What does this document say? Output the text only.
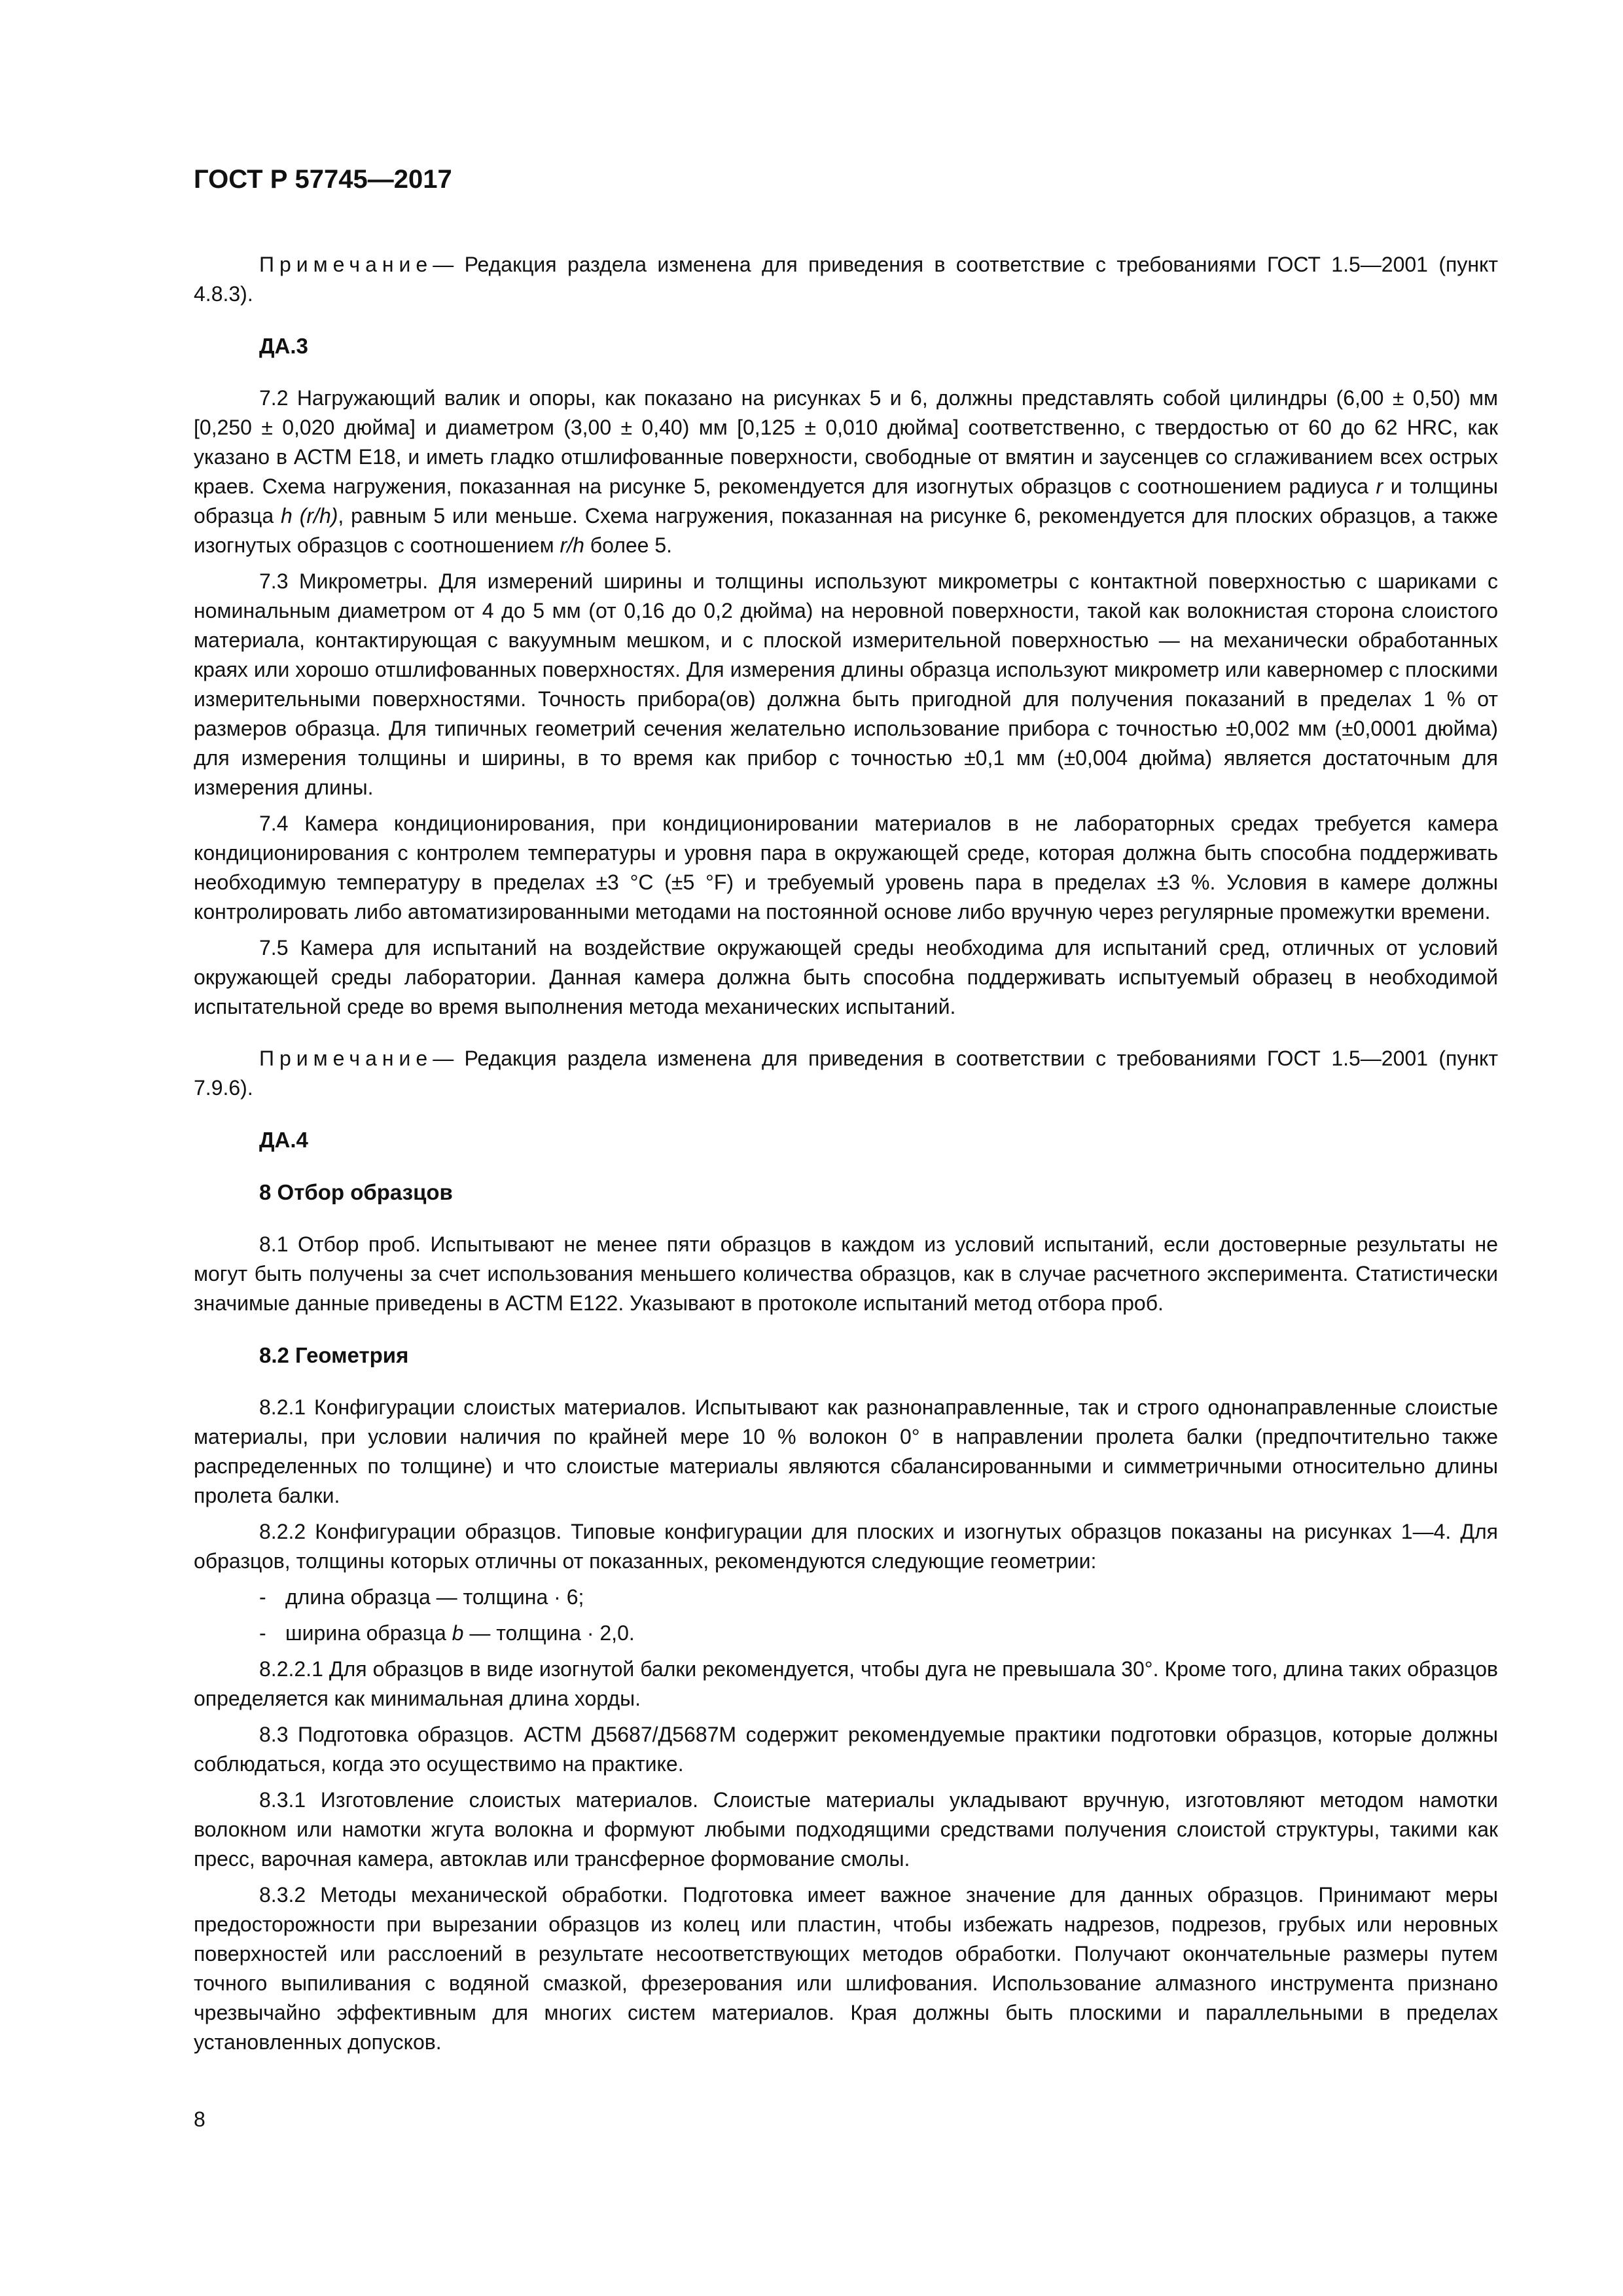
ГОСТ Р 57745—2017

Примечание— Редакция раздела изменена для приведения в соответствие с требованиями ГОСТ 1.5—2001 (пункт 4.8.3).

ДА.3

7.2 Нагружающий валик и опоры, как показано на рисунках 5 и 6, должны представлять собой цилиндры (6,00 ± 0,50) мм [0,250 ± 0,020 дюйма] и диаметром (3,00 ± 0,40) мм [0,125 ± 0,010 дюйма] соответственно, с твердостью от 60 до 62 HRC, как указано в АСТМ Е18, и иметь гладко отшлифованные поверхности, свободные от вмятин и заусенцев со сглаживанием всех острых краев. Схема нагружения, показанная на рисунке 5, рекомендуется для изогнутых образцов с соотношением радиуса r и толщины образца h (r/h), равным 5 или меньше. Схема нагружения, показанная на рисунке 6, рекомендуется для плоских образцов, а также изогнутых образцов с соотношением r/h более 5.

7.3 Микрометры. Для измерений ширины и толщины используют микрометры с контактной поверхностью с шариками с номинальным диаметром от 4 до 5 мм (от 0,16 до 0,2 дюйма) на неровной поверхности, такой как волокнистая сторона слоистого материала, контактирующая с вакуумным мешком, и с плоской измерительной поверхностью — на механически обработанных краях или хорошо отшлифованных поверхностях. Для измерения длины образца используют микрометр или кавернoмер с плоскими измерительными поверхностями. Точность прибора(ов) должна быть пригодной для получения показаний в пределах 1 % от размеров образца. Для типичных геометрий сечения желательно использование прибора с точностью ±0,002 мм (±0,0001 дюйма) для измерения толщины и ширины, в то время как прибор с точностью ±0,1 мм (±0,004 дюйма) является достаточным для измерения длины.

7.4 Камера кондиционирования, при кондиционировании материалов в не лабораторных средах требуется камера кондиционирования с контролем температуры и уровня пара в окружающей среде, которая должна быть способна поддерживать необходимую температуру в пределах ±3 °С (±5 °F) и требуемый уровень пара в пределах ±3 %. Условия в камере должны контролировать либо автоматизированными методами на постоянной основе либо вручную через регулярные промежутки времени.

7.5 Камера для испытаний на воздействие окружающей среды необходима для испытаний сред, отличных от условий окружающей среды лаборатории. Данная камера должна быть способна поддерживать испытуемый образец в необходимой испытательной среде во время выполнения метода механических испытаний.

Примечание— Редакция раздела изменена для приведения в соответствии с требованиями ГОСТ 1.5—2001 (пункт 7.9.6).

ДА.4
8 Отбор образцов

8.1 Отбор проб. Испытывают не менее пяти образцов в каждом из условий испытаний, если достоверные результаты не могут быть получены за счет использования меньшего количества образцов, как в случае расчетного эксперимента. Статистически значимые данные приведены в АСТМ Е122. Указывают в протоколе испытаний метод отбора проб.

8.2 Геометрия

8.2.1 Конфигурации слоистых материалов. Испытывают как разнонаправленные, так и строго однонаправленные слоистые материалы, при условии наличия по крайней мере 10 % волокон 0° в направлении пролета балки (предпочтительно также распределенных по толщине) и что слоистые материалы являются сбалансированными и симметричными относительно длины пролета балки.

8.2.2 Конфигурации образцов. Типовые конфигурации для плоских и изогнутых образцов показаны на рисунках 1—4. Для образцов, толщины которых отличны от показанных, рекомендуются следующие геометрии:

- длина образца — толщина · 6;
- ширина образца b — толщина · 2,0.

8.2.2.1 Для образцов в виде изогнутой балки рекомендуется, чтобы дуга не превышала 30°. Кроме того, длина таких образцов определяется как минимальная длина хорды.

8.3 Подготовка образцов. АСТМ Д5687/Д5687М содержит рекомендуемые практики подготовки образцов, которые должны соблюдаться, когда это осуществимо на практике.

8.3.1 Изготовление слоистых материалов. Слоистые материалы укладывают вручную, изготовляют методом намотки волокном или намотки жгута волокна и формуют любыми подходящими средствами получения слоистой структуры, такими как пресс, варочная камера, автоклав или трансферное формование смолы.

8.3.2 Методы механической обработки. Подготовка имеет важное значение для данных образцов. Принимают меры предосторожности при вырезании образцов из колец или пластин, чтобы избежать надрезов, подрезов, грубых или неровных поверхностей или расслоений в результате несоответствующих методов обработки. Получают окончательные размеры путем точного выпиливания с водяной смазкой, фрезерования или шлифования. Использование алмазного инструмента признано чрезвычайно эффективным для многих систем материалов. Края должны быть плоскими и параллельными в пределах установленных допусков.

8
